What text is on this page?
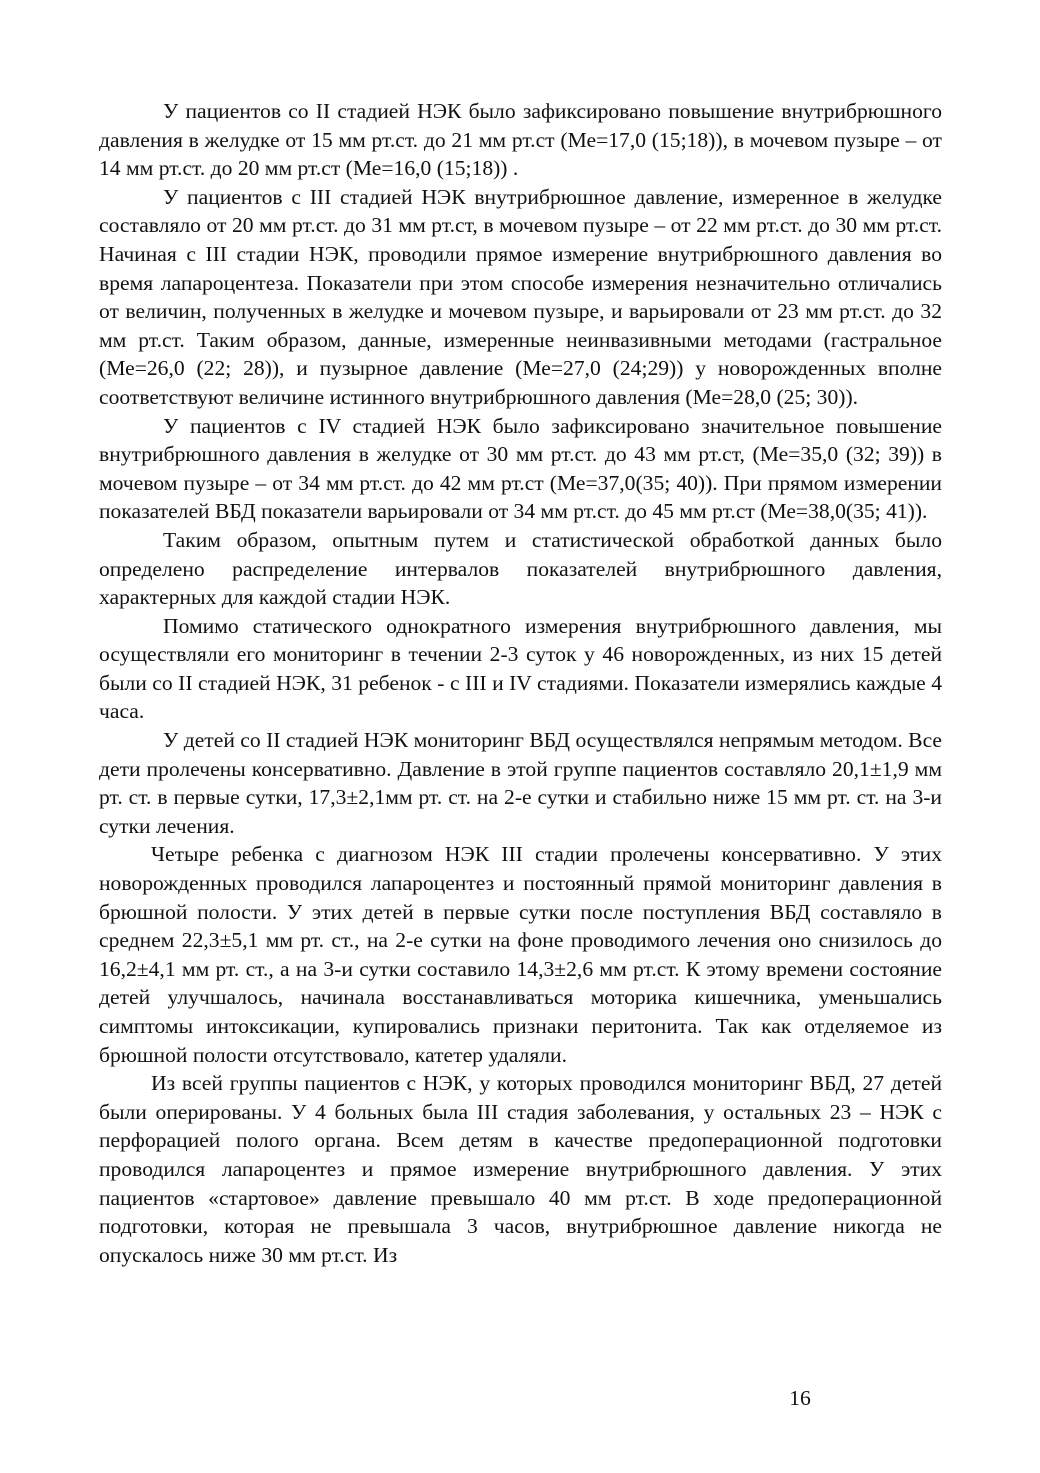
У пациентов со II стадией НЭК было зафиксировано повышение внутрибрюшного давления в желудке от 15 мм рт.ст. до 21 мм рт.ст (Ме=17,0 (15;18)), в мочевом пузыре – от 14 мм рт.ст. до 20 мм рт.ст (Ме=16,0 (15;18)) .

У пациентов с III стадией НЭК внутрибрюшное давление, измеренное в желудке составляло от 20 мм рт.ст. до 31 мм рт.ст, в мочевом пузыре – от 22 мм рт.ст. до 30 мм рт.ст. Начиная с III стадии НЭК, проводили прямое измерение внутрибрюшного давления во время лапароцентеза. Показатели при этом способе измерения незначительно отличались от величин, полученных в желудке и мочевом пузыре, и варьировали от 23 мм рт.ст. до 32 мм рт.ст. Таким образом, данные, измеренные неинвазивными методами (гастральное (Ме=26,0 (22; 28)), и пузырное давление (Ме=27,0 (24;29)) у новорожденных вполне соответствуют величине истинного внутрибрюшного давления (Ме=28,0 (25; 30)).

У пациентов с IV стадией НЭК было зафиксировано значительное повышение внутрибрюшного давления в желудке от 30 мм рт.ст. до 43 мм рт.ст, (Ме=35,0 (32; 39)) в мочевом пузыре – от 34 мм рт.ст. до 42 мм рт.ст (Ме=37,0(35; 40)). При прямом измерении показателей ВБД показатели варьировали от 34 мм рт.ст. до 45 мм рт.ст (Ме=38,0(35; 41)).

Таким образом, опытным путем и статистической обработкой данных было определено распределение интервалов показателей внутрибрюшного давления, характерных для каждой стадии НЭК.

Помимо статического однократного измерения внутрибрюшного давления, мы осуществляли его мониторинг в течении 2-3 суток у 46 новорожденных, из них 15 детей были со II стадией НЭК, 31 ребенок - с III и IV стадиями. Показатели измерялись каждые 4 часа.

У детей со II стадией НЭК мониторинг ВБД осуществлялся непрямым методом. Все дети пролечены консервативно. Давление в этой группе пациентов составляло 20,1±1,9 мм рт. ст. в первые сутки, 17,3±2,1мм рт. ст. на 2-е сутки и стабильно ниже 15 мм рт. ст. на 3-и сутки лечения.

Четыре ребенка с диагнозом НЭК III стадии пролечены консервативно. У этих новорожденных проводился лапароцентез и постоянный прямой мониторинг давления в брюшной полости. У этих детей в первые сутки после поступления ВБД составляло в среднем 22,3±5,1 мм рт. ст., на 2-е сутки на фоне проводимого лечения оно снизилось до 16,2±4,1 мм рт. ст., а на 3-и сутки составило 14,3±2,6 мм рт.ст. К этому времени состояние детей улучшалось, начинала восстанавливаться моторика кишечника, уменьшались симптомы интоксикации, купировались признаки перитонита. Так как отделяемое из брюшной полости отсутствовало, катетер удаляли.

Из всей группы пациентов с НЭК, у которых проводился мониторинг ВБД, 27 детей были оперированы. У 4 больных была III стадия заболевания, у остальных 23 – НЭК с перфорацией полого органа. Всем детям в качестве предоперационной подготовки проводился лапароцентез и прямое измерение внутрибрюшного давления. У этих пациентов «стартовое» давление превышало 40 мм рт.ст. В ходе предоперационной подготовки, которая не превышала 3 часов, внутрибрюшное давление никогда не опускалось ниже 30 мм рт.ст. Из

16
